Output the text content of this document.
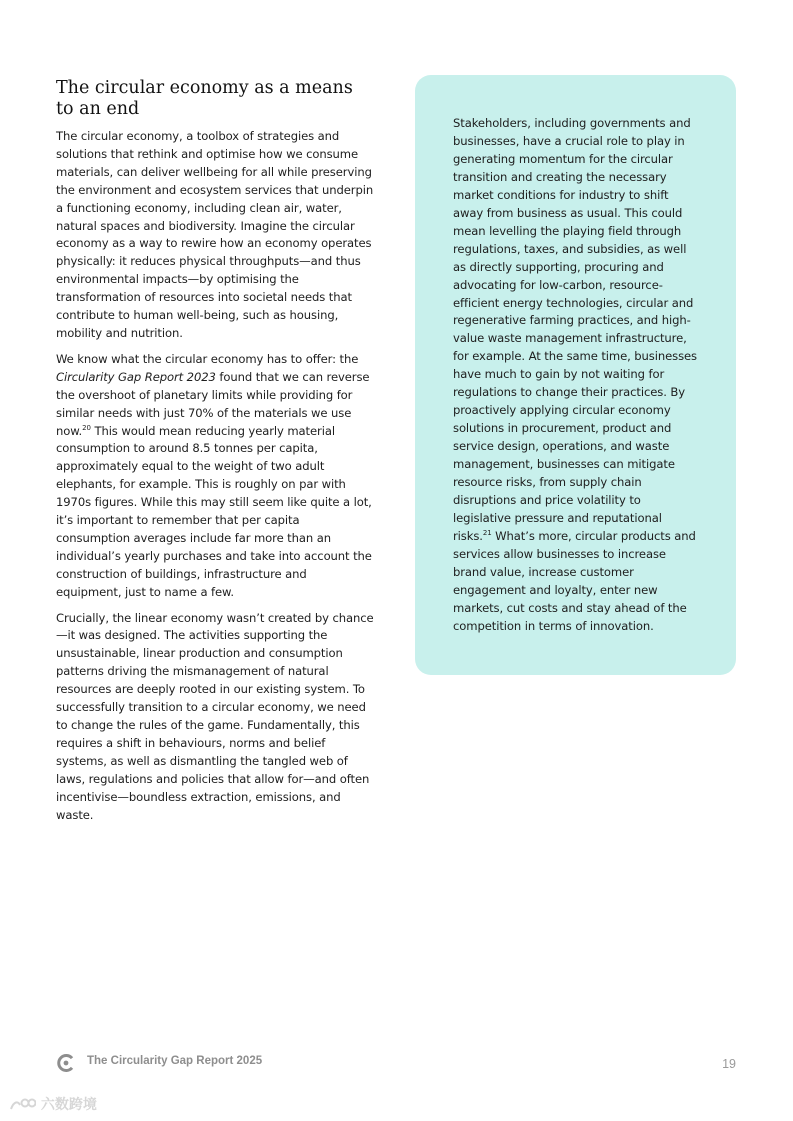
The circular economy as a means to an end

The circular economy, a toolbox of strategies and solutions that rethink and optimise how we consume materials, can deliver wellbeing for all while preserving the environment and ecosystem services that underpin a functioning economy, including clean air, water, natural spaces and biodiversity. Imagine the circular economy as a way to rewire how an economy operates physically: it reduces physical throughputs—and thus environmental impacts—by optimising the transformation of resources into societal needs that contribute to human well-being, such as housing, mobility and nutrition.

We know what the circular economy has to offer: the Circularity Gap Report 2023 found that we can reverse the overshoot of planetary limits while providing for similar needs with just 70% of the materials we use now.$^{20}$ This would mean reducing yearly material consumption to around 8.5 tonnes per capita, approximately equal to the weight of two adult elephants, for example. This is roughly on par with 1970s figures. While this may still seem like quite a lot, it’s important to remember that per capita consumption averages include far more than an individual’s yearly purchases and take into account the construction of buildings, infrastructure and equipment, just to name a few.

Crucially, the linear economy wasn’t created by chance—it was designed. The activities supporting the unsustainable, linear production and consumption patterns driving the mismanagement of natural resources are deeply rooted in our existing system. To successfully transition to a circular economy, we need to change the rules of the game. Fundamentally, this requires a shift in behaviours, norms and belief systems, as well as dismantling the tangled web of laws, regulations and policies that allow for—and often incentivise—boundless extraction, emissions, and waste.

Stakeholders, including governments and businesses, have a crucial role to play in generating momentum for the circular transition and creating the necessary market conditions for industry to shift away from business as usual. This could mean levelling the playing field through regulations, taxes, and subsidies, as well as directly supporting, procuring and advocating for low-carbon, resource-efficient energy technologies, circular and regenerative farming practices, and high-value waste management infrastructure, for example. At the same time, businesses have much to gain by not waiting for regulations to change their practices. By proactively applying circular economy solutions in procurement, product and service design, operations, and waste management, businesses can mitigate resource risks, from supply chain disruptions and price volatility to legislative pressure and reputational risks.$^{21}$ What’s more, circular products and services allow businesses to increase brand value, increase customer engagement and loyalty, enter new markets, cut costs and stay ahead of the competition in terms of innovation.

The Circularity Gap Report 2025	19
六数跨境
